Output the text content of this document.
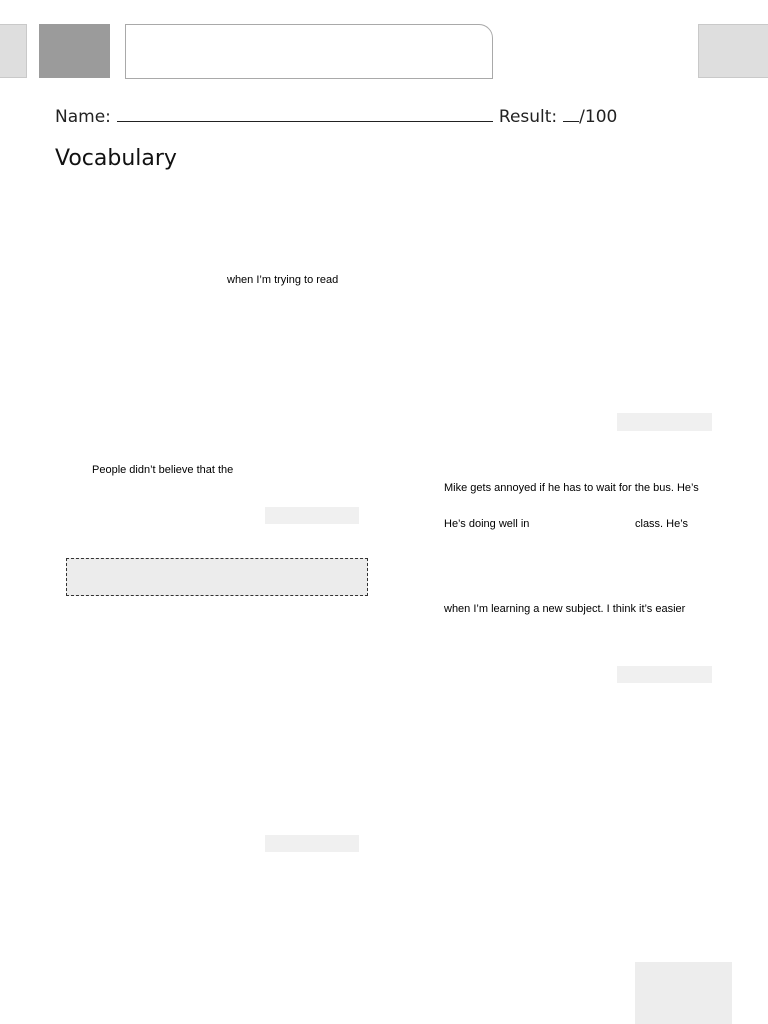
Name:	Result: /100
Vocabulary
when I’m trying to read
People didn’t believe that the
Mike gets annoyed if he has to wait for the bus. He’s
He’s doing well in	class. He’s
when I’m learning a new subject. I think it’s easier
